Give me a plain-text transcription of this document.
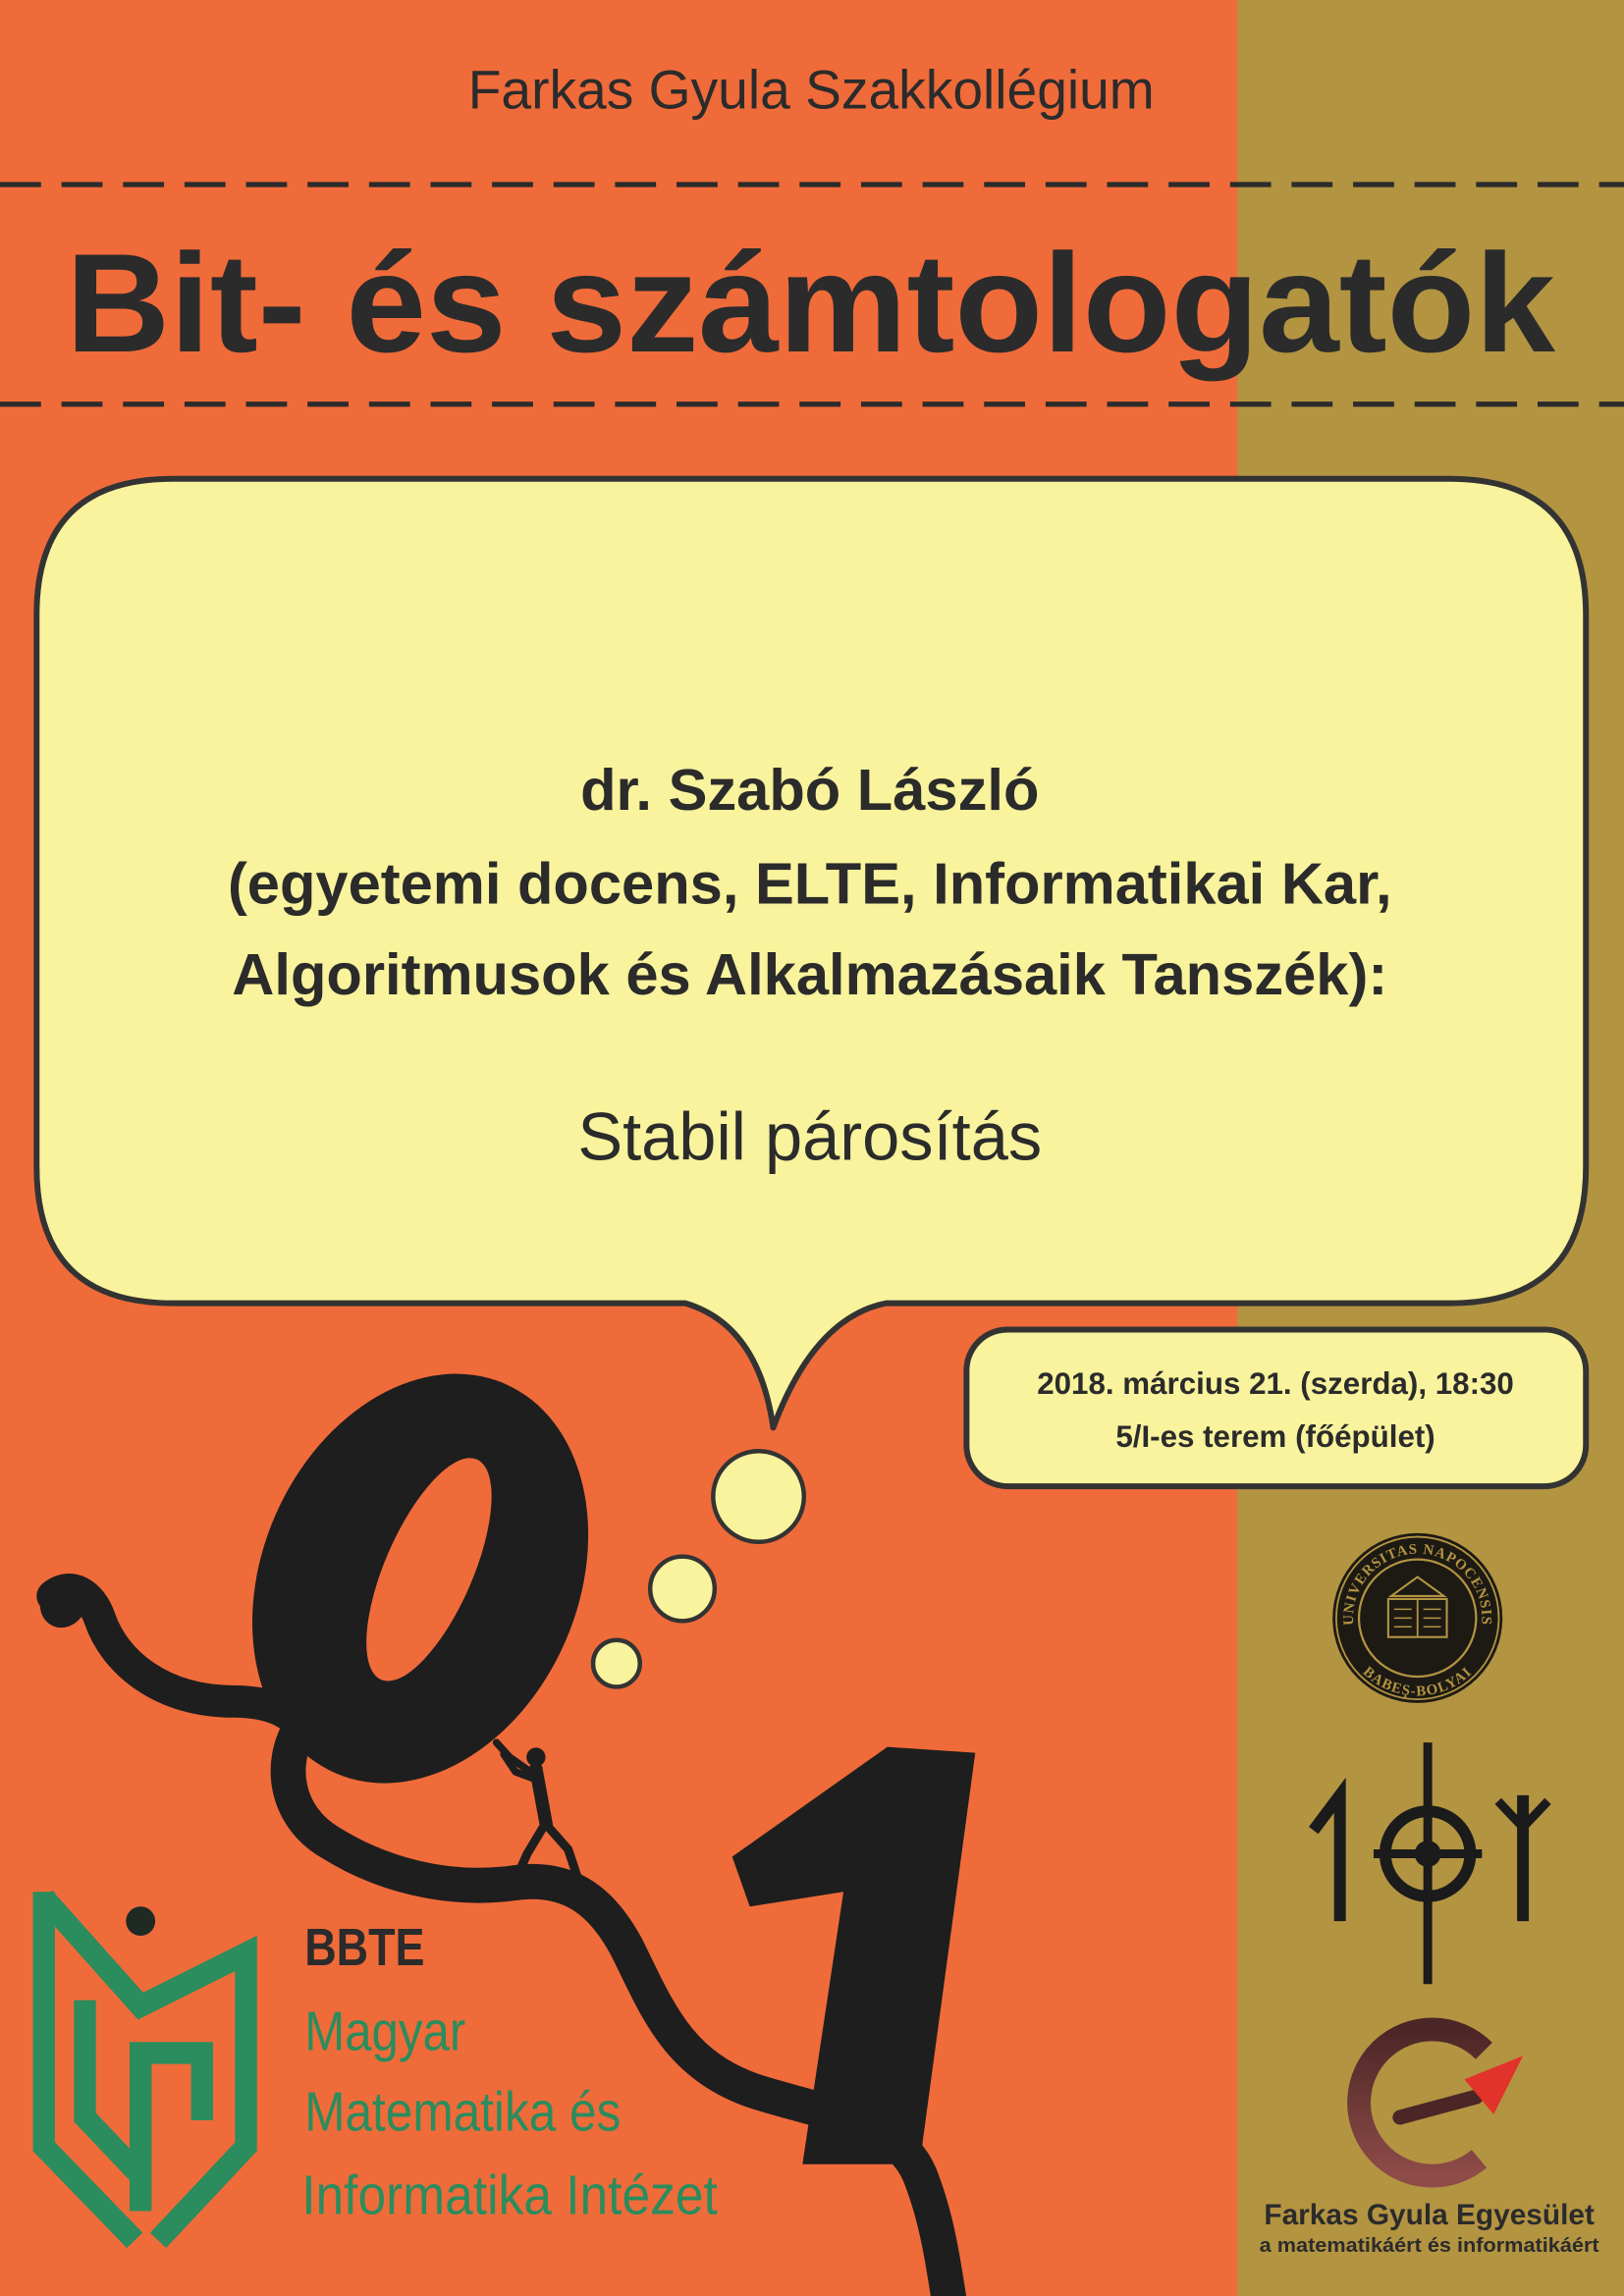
Farkas Gyula Szakkollégium
Bit- és számtologatók
dr. Szabó László
(egyetemi docens, ELTE, Informatikai Kar,
Algoritmusok és Alkalmazásaik Tanszék):
Stabil párosítás
2018. március 21. (szerda), 18:30
5/I-es terem (főépület)
BBTE
Magyar
Matematika és
Informatika Intézet
UNIVERSITAS NAPOCENSIS
BABEŞ-BOLYAI
Farkas Gyula Egyesület
a matematikáért és informatikáért
